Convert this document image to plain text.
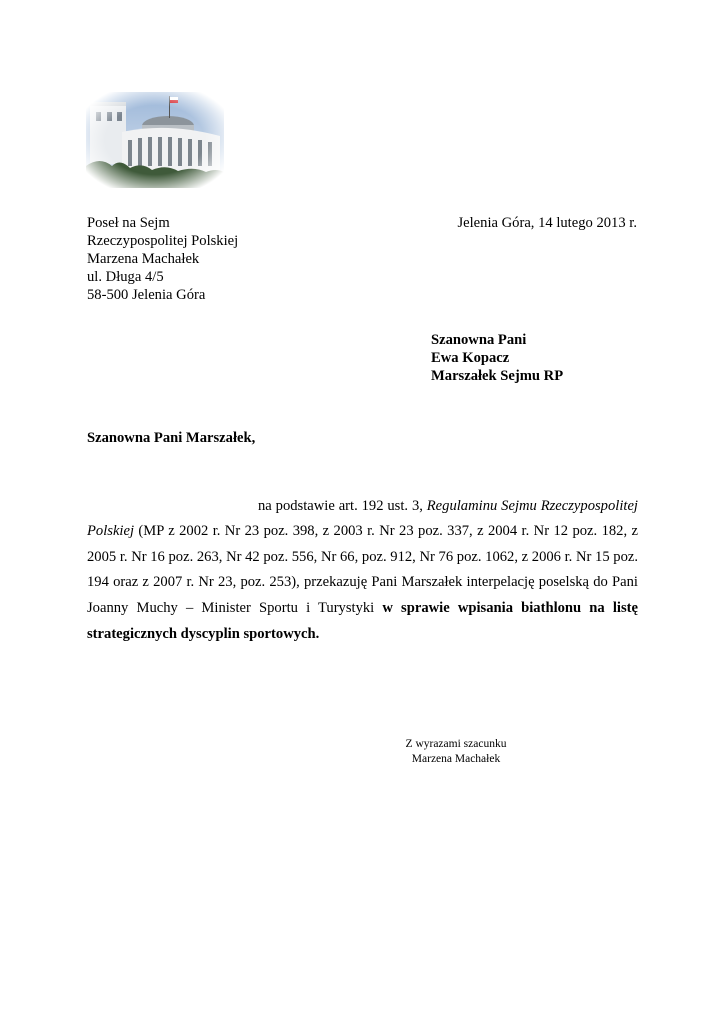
Poseł na Sejm
Rzeczypospolitej Polskiej
Marzena Machałek
ul. Długa 4/5
58-500 Jelenia Góra
Jelenia Góra, 14 lutego 2013 r.
Szanowna Pani
Ewa Kopacz
Marszałek Sejmu RP
Szanowna Pani Marszałek,

na podstawie art. 192 ust. 3, Regulaminu Sejmu Rzeczypospolitej Polskiej (MP z 2002 r. Nr 23 poz. 398, z 2003 r. Nr 23 poz. 337, z 2004 r. Nr 12 poz. 182, z 2005 r. Nr 16 poz. 263, Nr 42 poz. 556, Nr 66, poz. 912, Nr 76 poz. 1062, z 2006 r. Nr 15 poz. 194 oraz z 2007 r. Nr 23, poz. 253), przekazuję Pani Marszałek interpelację poselską do Pani Joanny Muchy – Minister Sportu i Turystyki w sprawie wpisania biathlonu na listę strategicznych dyscyplin sportowych.

Z wyrazami szacunku
Marzena Machałek
